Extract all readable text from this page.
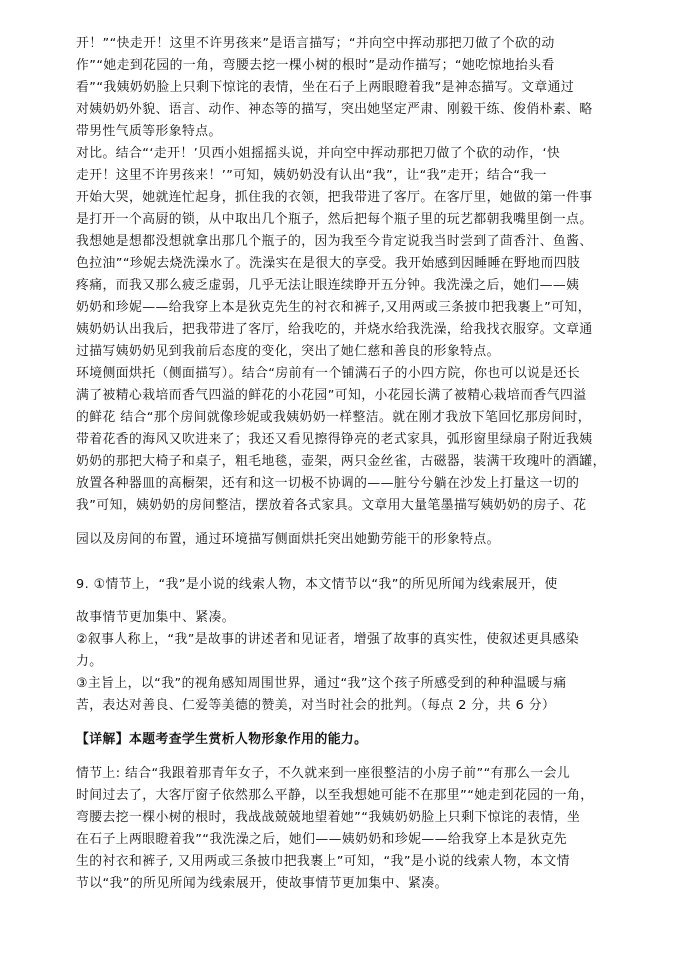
开！”“快走开！这里不许男孩来”是语言描写；“并向空中挥动那把刀做了个砍的动
作”“她走到花园的一角，弯腰去挖一棵小树的根时”是动作描写；“她吃惊地抬头看
看”“我姨奶奶脸上只剩下惊诧的表情，坐在石子上两眼瞪着我”是神态描写。文章通过
对姨奶奶外貌、语言、动作、神态等的描写，突出她坚定严肃、刚毅干练、俊俏朴素、略
带男性气质等形象特点。
对比。结合“‘走开！’贝西小姐摇摇头说，并向空中挥动那把刀做了个砍的动作，‘快
走开！这里不许男孩来！’”可知，姨奶奶没有认出“我”，让“我”走开；结合“我一
开始大哭，她就连忙起身，抓住我的衣领，把我带进了客厅。在客厅里，她做的第一件事
是打开一个高厨的锁，从中取出几个瓶子，然后把每个瓶子里的玩艺都朝我嘴里倒一点。
我想她是想都没想就拿出那几个瓶子的，因为我至今肯定说我当时尝到了茴香汁、鱼酱、
色拉油”“珍妮去烧洗澡水了。洗澡实在是很大的享受。我开始感到因睡睡在野地而四肢
疼痛，而我又那么疲乏虚弱，几乎无法让眼连续睁开五分钟。我洗澡之后，她们——姨
奶奶和珍妮——给我穿上本是狄克先生的衬衣和裤子,又用两或三条披巾把我裹上”可知，
姨奶奶认出我后，把我带进了客厅，给我吃的，并烧水给我洗澡，给我找衣服穿。文章通
过描写姨奶奶见到我前后态度的变化，突出了她仁慈和善良的形象特点。
环境侧面烘托（侧面描写）。结合“房前有一个铺满石子的小四方院，你也可以说是还长
满了被精心栽培而香气四溢的鲜花的小花园”可知，小花园长满了被精心栽培而香气四溢
的鲜花 结合“那个房间就像珍妮或我姨奶奶一样整洁。就在刚才我放下笔回忆那房间时，
带着花香的海风又吹进来了；我还又看见擦得铮亮的老式家具，弧形窗里绿扇子附近我姨
奶奶的那把大椅子和桌子，粗毛地毯，壶架，两只金丝雀，古磁器，装满干玫瑰叶的酒罐，
放置各种器皿的高橱架，还有和这一切极不协调的——脏兮兮躺在沙发上打量这一切的
我”可知，姨奶奶的房间整洁，摆放着各式家具。文章用大量笔墨描写姨奶奶的房子、花
园以及房间的布置，通过环境描写侧面烘托突出她勤劳能干的形象特点。
9. ①情节上，“我”是小说的线索人物，本文情节以“我”的所见所闻为线索展开，使
故事情节更加集中、紧凑。
②叙事人称上，“我”是故事的讲述者和见证者，增强了故事的真实性，使叙述更具感染
力。
③主旨上，以“我”的视角感知周围世界，通过“我”这个孩子所感受到的种种温暖与痛
苦，表达对善良、仁爱等美德的赞美，对当时社会的批判。（每点 2 分，共 6 分）
【详解】本题考查学生赏析人物形象作用的能力。
情节上: 结合“我跟着那青年女子，不久就来到一座很整洁的小房子前”“有那么一会儿
时间过去了，大客厅窗子依然那么平静，以至我想她可能不在那里”“她走到花园的一角，
弯腰去挖一棵小树的根时，我战战兢兢地望着她”“我姨奶奶脸上只剩下惊诧的表情，坐
在石子上两眼瞪着我”“我洗澡之后，她们——姨奶奶和珍妮——给我穿上本是狄克先
生的衬衣和裤子, 又用两或三条披巾把我裹上”可知，“我”是小说的线索人物，本文情
节以“我”的所见所闻为线索展开，使故事情节更加集中、紧凑。
